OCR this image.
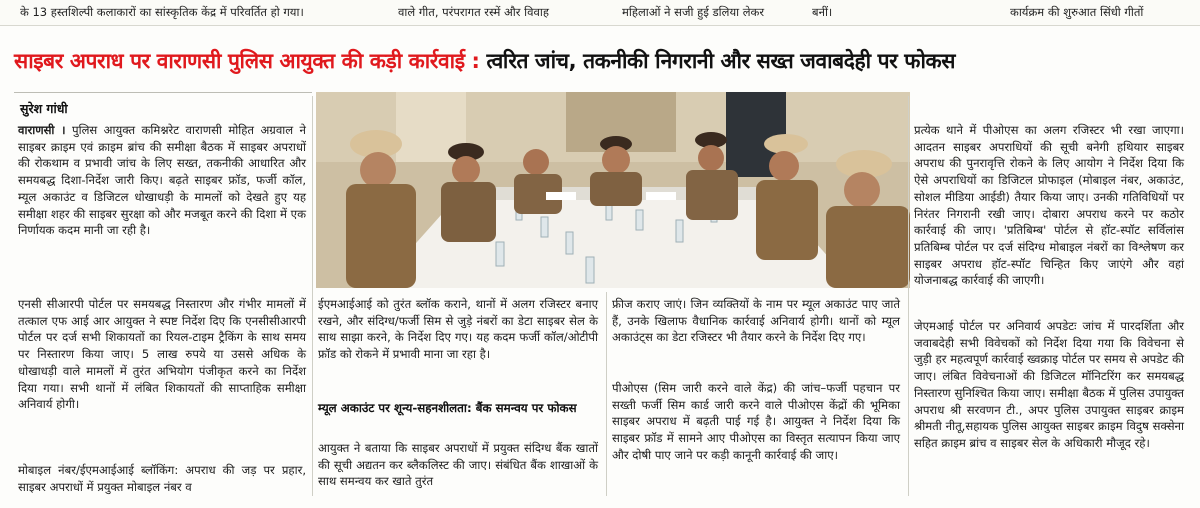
के 13 हस्तशिल्पी कलाकारों का सांस्कृतिक केंद्र में परिवर्तित हो गया।	वाले गीत, परंपरागत रस्में और विवाह	महिलाओं ने सजी हुई डलिया लेकर	बनीं।	कार्यक्रम की शुरुआत सिंधी गीतों
साइबर अपराध पर वाराणसी पुलिस आयुक्त की कड़ी कार्रवाई : त्वरित जांच, तकनीकी निगरानी और सख्त जवाबदेही पर फोकस
सुरेश गांधी
वाराणसी । पुलिस आयुक्त कमिश्नरेट वाराणसी मोहित अग्रवाल ने साइबर क्राइम एवं क्राइम ब्रांच की समीक्षा बैठक में साइबर अपराधों की रोकथाम व प्रभावी जांच के लिए सख्त, तकनीकी आधारित और समयबद्ध दिशा-निर्देश जारी किए। बढ़ते साइबर फ्रॉड, फर्जी कॉल, म्यूल अकाउंट व डिजिटल धोखाधड़ी के मामलों को देखते हुए यह समीक्षा शहर की साइबर सुरक्षा को और मजबूत करने की दिशा में एक निर्णायक कदम मानी जा रही है।
एनसी सीआरपी पोर्टल पर समयबद्ध निस्तारण और गंभीर मामलों में तत्काल एफ आई आर आयुक्त ने स्पष्ट निर्देश दिए कि एनसीसीआरपी पोर्टल पर दर्ज सभी शिकायतों का रियल-टाइम ट्रैकिंग के साथ समय पर निस्तारण किया जाए। 5 लाख रुपये या उससे अधिक के धोखाधड़ी वाले मामलों में तुरंत अभियोग पंजीकृत करने का निर्देश दिया गया। सभी थानों में लंबित शिकायतों की साप्ताहिक समीक्षा अनिवार्य होगी।
मोबाइल नंबर/ईएमआईआई ब्लॉकिंग: अपराध की जड़ पर प्रहार, साइबर अपराधों में प्रयुक्त मोबाइल नंबर व
ईएमआईआई को तुरंत ब्लॉक कराने, थानों में अलग रजिस्टर बनाए रखने, और संदिग्ध/फर्जी सिम से जुड़े नंबरों का डेटा साइबर सेल के साथ साझा करने, के निर्देश दिए गए। यह कदम फर्जी कॉल/ओटीपी फ्रॉड को रोकने में प्रभावी माना जा रहा है।
म्यूल अकाउंट पर शून्य-सहनशीलता: बैंक समन्वय पर फोकस
आयुक्त ने बताया कि साइबर अपराधों में प्रयुक्त संदिग्ध बैंक खातों की सूची अद्यतन कर ब्लैकलिस्ट की जाए। संबंधित बैंक शाखाओं के साथ समन्वय कर खाते तुरंत
फ्रीज कराए जाएं। जिन व्यक्तियों के नाम पर म्यूल अकाउंट पाए जाते हैं, उनके खिलाफ वैधानिक कार्रवाई अनिवार्य होगी। थानों को म्यूल अकाउंट्स का डेटा रजिस्टर भी तैयार करने के निर्देश दिए गए।
पीओएस (सिम जारी करने वाले केंद्र) की जांच–फर्जी पहचान पर सख्ती फर्जी सिम कार्ड जारी करने वाले पीओएस केंद्रों की भूमिका साइबर अपराध में बढ़ती पाई गई है। आयुक्त ने निर्देश दिया कि साइबर फ्रॉड में सामने आए पीओएस का विस्तृत सत्यापन किया जाए और दोषी पाए जाने पर कड़ी कानूनी कार्रवाई की जाए।
प्रत्येक थाने में पीओएस का अलग रजिस्टर भी रखा जाएगा। आदतन साइबर अपराधियों की सूची बनेगी हथियार साइबर अपराध की पुनरावृत्ति रोकने के लिए आयोग ने निर्देश दिया कि ऐसे अपराधियों का डिजिटल प्रोफाइल (मोबाइल नंबर, अकाउंट, सोशल मीडिया आईडी) तैयार किया जाए। उनकी गतिविधियों पर निरंतर निगरानी रखी जाए। दोबारा अपराध करने पर कठोर कार्रवाई की जाए। 'प्रतिबिम्ब' पोर्टल से हॉट-स्पॉट सर्विलांस प्रतिबिम्ब पोर्टल पर दर्ज संदिग्ध मोबाइल नंबरों का विश्लेषण कर साइबर अपराध हॉट-स्पॉट चिन्हित किए जाएंगे और वहां योजनाबद्ध कार्रवाई की जाएगी।
जेएमआई पोर्टल पर अनिवार्य अपडेटः जांच में पारदर्शिता और जवाबदेही सभी विवेचकों को निर्देश दिया गया कि विवेचना से जुड़ी हर महत्वपूर्ण कार्रवाई ख्वक्राइ पोर्टल पर समय से अपडेट की जाए। लंबित विवेचनाओं की डिजिटल मॉनिटरिंग कर समयबद्ध निस्तारण सुनिश्चित किया जाए। समीक्षा बैठक में पुलिस उपायुक्त अपराध श्री सरवणन टी., अपर पुलिस उपायुक्त साइबर क्राइम श्रीमती नीतू,सहायक पुलिस आयुक्त साइबर क्राइम विदुष सक्सेना सहित क्राइम ब्रांच व साइबर सेल के अधिकारी मौजूद रहे।
